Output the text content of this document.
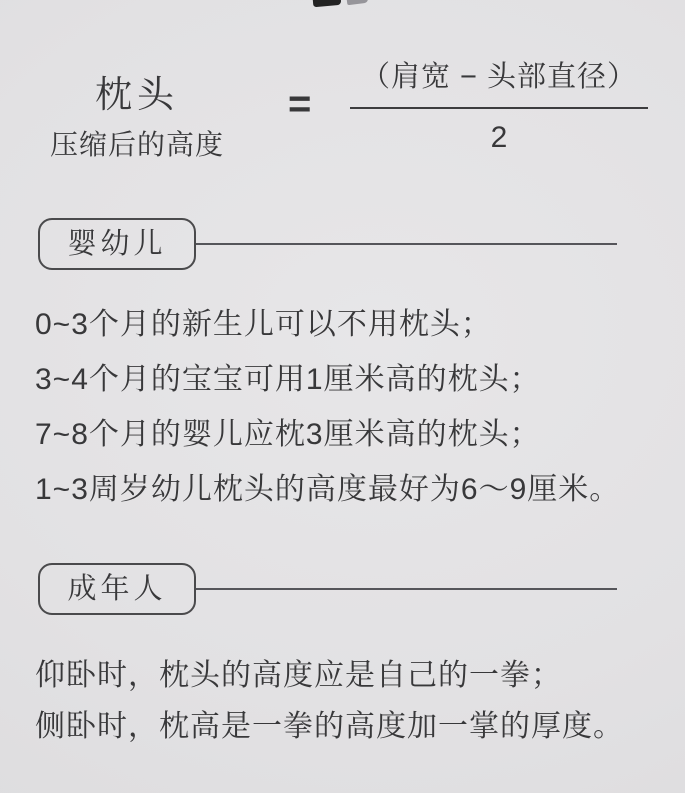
枕头
压缩后的高度
=
（肩宽 − 头部直径）
2
婴幼儿
0~3个月的新生儿可以不用枕头；
3~4个月的宝宝可用1厘米高的枕头；
7~8个月的婴儿应枕3厘米高的枕头；
1~3周岁幼儿枕头的高度最好为6～9厘米。
成年人
仰卧时，枕头的高度应是自己的一拳；
侧卧时，枕高是一拳的高度加一掌的厚度。
